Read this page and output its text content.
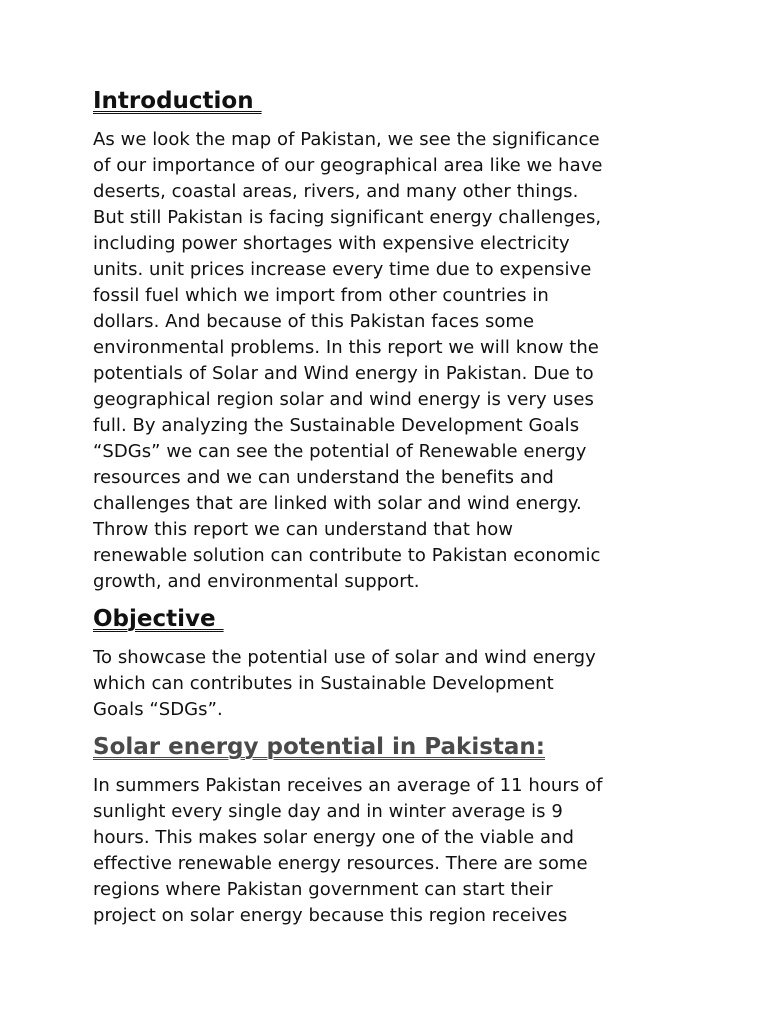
Introduction

As we look the map of Pakistan, we see the significance
of our importance of our geographical area like we have
deserts, coastal areas, rivers, and many other things.
But still Pakistan is facing significant energy challenges,
including power shortages with expensive electricity
units. unit prices increase every time due to expensive
fossil fuel which we import from other countries in
dollars. And because of this Pakistan faces some
environmental problems. In this report we will know the
potentials of Solar and Wind energy in Pakistan. Due to
geographical region solar and wind energy is very uses
full. By analyzing the Sustainable Development Goals
“SDGs” we can see the potential of Renewable energy
resources and we can understand the benefits and
challenges that are linked with solar and wind energy.
Throw this report we can understand that how
renewable solution can contribute to Pakistan economic
growth, and environmental support.

Objective

To showcase the potential use of solar and wind energy
which can contributes in Sustainable Development
Goals “SDGs”.

Solar energy potential in Pakistan:

In summers Pakistan receives an average of 11 hours of
sunlight every single day and in winter average is 9
hours. This makes solar energy one of the viable and
effective renewable energy resources. There are some
regions where Pakistan government can start their
project on solar energy because this region receives
